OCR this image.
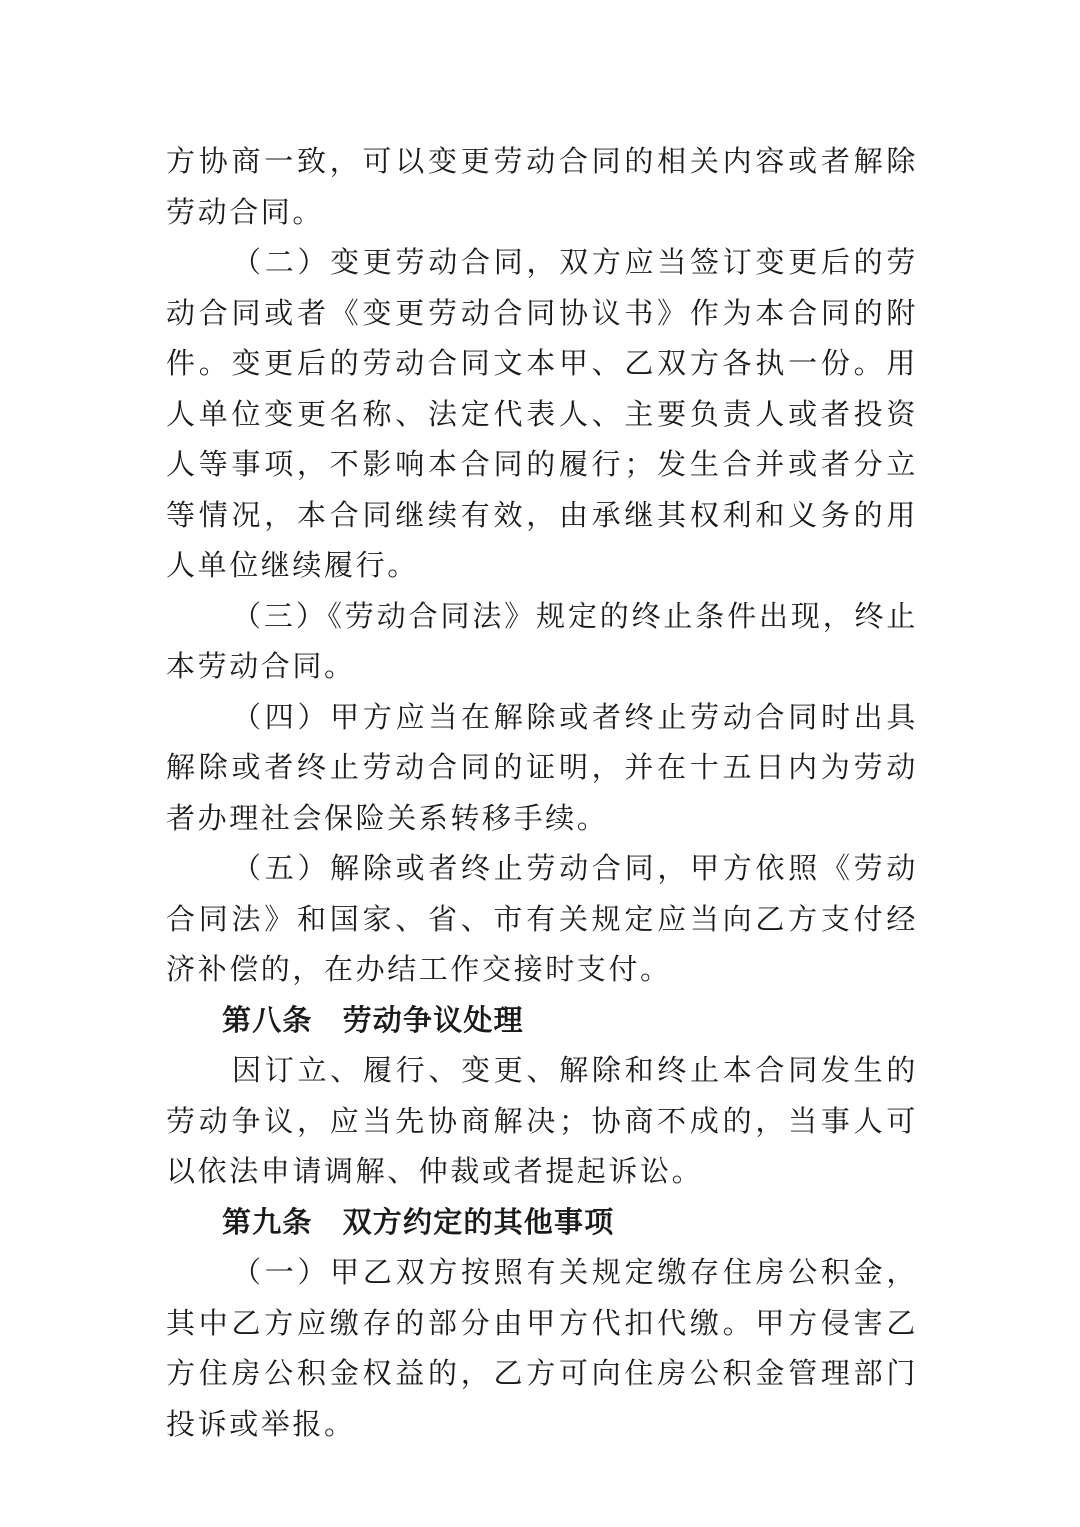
方协商一致，可以变更劳动合同的相关内容或者解除劳动合同。

（二）变更劳动合同，双方应当签订变更后的劳动合同或者《变更劳动合同协议书》作为本合同的附件。变更后的劳动合同文本甲、乙双方各执一份。用人单位变更名称、法定代表人、主要负责人或者投资人等事项，不影响本合同的履行；发生合并或者分立等情况，本合同继续有效，由承继其权利和义务的用人单位继续履行。

（三）《劳动合同法》规定的终止条件出现，终止本劳动合同。

（四）甲方应当在解除或者终止劳动合同时出具解除或者终止劳动合同的证明，并在十五日内为劳动者办理社会保险关系转移手续。

（五）解除或者终止劳动合同，甲方依照《劳动合同法》和国家、省、市有关规定应当向乙方支付经济补偿的，在办结工作交接时支付。

第八条 劳动争议处理

因订立、履行、变更、解除和终止本合同发生的劳动争议，应当先协商解决；协商不成的，当事人可以依法申请调解、仲裁或者提起诉讼。

第九条 双方约定的其他事项

（一）甲乙双方按照有关规定缴存住房公积金，其中乙方应缴存的部分由甲方代扣代缴。甲方侵害乙方住房公积金权益的，乙方可向住房公积金管理部门投诉或举报。
